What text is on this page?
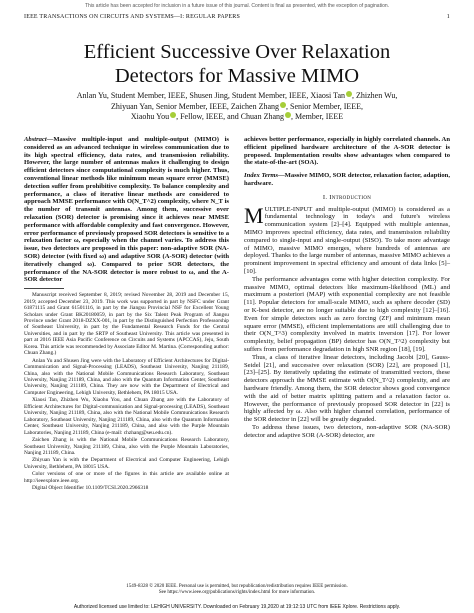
This article has been accepted for inclusion in a future issue of this journal. Content is final as presented, with the exception of pagination.
IEEE TRANSACTIONS ON CIRCUITS AND SYSTEMS—I: REGULAR PAPERS	1
Efficient Successive Over Relaxation
Detectors for Massive MIMO
Anlan Yu, Student Member, IEEE, Shusen Jing, Student Member, IEEE, Xiaosi Tan , Zhizhen Wu,
Zhiyuan Yan, Senior Member, IEEE, Zaichen Zhang , Senior Member, IEEE,
Xiaohu You , Fellow, IEEE, and Chuan Zhang , Member, IEEE
Abstract—Massive multiple-input and multiple-output (MIMO) is considered as an advanced technique in wireless communication due to its high spectral efficiency, data rates, and transmission reliability. However, the large number of antennas makes it challenging to design efficient detectors since computational complexity is much higher. Thus, conventional linear methods like minimum mean square error (MMSE) detection suffer from prohibitive complexity. To balance complexity and performance, a class of iterative linear methods are considered to approach MMSE performance with O(N_T^2) complexity, where N_T is the number of transmit antennas. Among them, successive over relaxation (SOR) detector is promising since it achieves near MMSE performance with affordable complexity and fast convergence. However, error performance of previously proposed SOR detectors is sensitive to a relaxation factor ω, especially when the channel varies. To address this issue, two detectors are proposed in this paper: non-adaptive SOR (NA-SOR) detector (with fixed ω) and adaptive SOR (A-SOR) detector (with iteratively changed ω). Compared to prior SOR detectors, the performance of the NA-SOR detector is more robust to ω, and the A-SOR detector
Manuscript received September 8, 2019; revised November 28, 2019 and December 15, 2019; accepted December 23, 2019. This work was supported in part by NSFC under Grant 61871115 and Grant 61501116, in part by the Jiangsu Provincial NSF for Excellent Young Scholars under Grant BK20180059, in part by the Six Talent Peak Program of Jiangsu Province under Grant 2018-DZXX-001, in part by the Distinguished Perfection Professorship of Southeast University, in part by the Fundamental Research Funds for the Central Universities, and in part by the SRTP of Southeast University. This article was presented in part at 2016 IEEE Asia Pacific Conference on Circuits and Systems (APCCAS), Jeju, South Korea. This article was recommended by Associate Editor M. Martina. (Corresponding author: Chuan Zhang.)
Anlan Yu and Shusen Jing were with the Laboratory of Efficient Architectures for Digital-Communication and Signal-Processing (LEADS), Southeast University, Nanjing 211189, China, also with the National Mobile Communications Research Laboratory, Southeast University, Nanjing 211189, China, and also with the Quantum Information Center, Southeast University, Nanjing 211189, China. They are now with the Department of Electrical and Computer Engineering, Lehigh University, Bethlehem, PA 18015 USA.
Xiaosi Tan, Zhizhen Wu, Xiaohu You, and Chuan Zhang are with the Laboratory of Efficient Architectures for Digital-communication and Signal-processing (LEADS), Southeast University, Nanjing 211189, China, also with the National Mobile Communications Research Laboratory, Southeast University, Nanjing 211189, China, also with the Quantum Information Center, Southeast University, Nanjing 211189, China, and also with the Purple Mountain Laboratories, Nanjing 211189, China (e-mail: chzhang@seu.edu.cn).
Zaichen Zhang is with the National Mobile Communications Research Laboratory, Southeast University, Nanjing 211189, China, also with the Purple Mountain Laboratories, Nanjing 211189, China.
Zhiyuan Yan is with the Department of Electrical and Computer Engineering, Lehigh University, Bethlehem, PA 18015 USA.
Color versions of one or more of the figures in this article are available online at http://ieeexplore.ieee.org.
Digital Object Identifier 10.1109/TCSI.2020.2966318
achieves better performance, especially in highly correlated channels. An efficient pipelined hardware architecture of the A-SOR detector is proposed. Implementation results show advantages when compared to the state-of-the-art (SOA).
Index Terms—Massive MIMO, SOR detector, relaxation factor, adaption, hardware.
I. Introduction

MULTIPLE-INPUT and multiple-output (MIMO) is considered as a fundamental technology in today's and future's wireless communication system [2]–[4]. Equipped with multiple antennas, MIMO improves spectral efficiency, data rates, and transmission reliability compared to single-input and single-output (SISO). To take more advantage of MIMO, massive MIMO emerges, where hundreds of antennas are deployed. Thanks to the large number of antennas, massive MIMO achieves a prominent improvement in spectral efficiency and amount of data links [5]–[10].

The performance advantages come with higher detection complexity. For massive MIMO, optimal detectors like maximum-likelihood (ML) and maximum a posteriori (MAP) with exponential complexity are not feasible [11]. Popular detectors for small-scale MIMO, such as sphere decoder (SD) or K-best detector, are no longer suitable due to high complexity [12]–[16]. Even for simple detectors such as zero forcing (ZF) and minimum mean square error (MMSE), efficient implementations are still challenging due to their O(N_T^3) complexity involved in matrix inversion [17]. For lower complexity, belief propagation (BP) detector has O(N_T^2) complexity but suffers from performance degradation in high SNR region [18], [19].

Thus, a class of iterative linear detectors, including Jacobi [20], Gauss-Seidel [21], and successive over relaxation (SOR) [22], are proposed [1], [23]–[25]. By iteratively updating the estimate of transmitted vectors, these detectors approach the MMSE estimate with O(N_T^2) complexity, and are hardware friendly. Among them, the SOR detector shows good convergence with the aid of better matrix splitting pattern and a relaxation factor ω. However, the performance of previously proposed SOR detector in [22] is highly affected by ω. Also with higher channel correlation, performance of the SOR detector in [22] will be greatly degraded.

To address these issues, two detectors, non-adaptive SOR (NA-SOR) detector and adaptive SOR (A-SOR) detector, are

1549-8328 © 2020 IEEE. Personal use is permitted, but republication/redistribution requires IEEE permission.
See https://www.ieee.org/publications/rights/index.html for more information.
Authorized licensed use limited to: LEHIGH UNIVERSITY. Downloaded on February 19,2020 at 19:12:13 UTC from IEEE Xplore. Restrictions apply.
